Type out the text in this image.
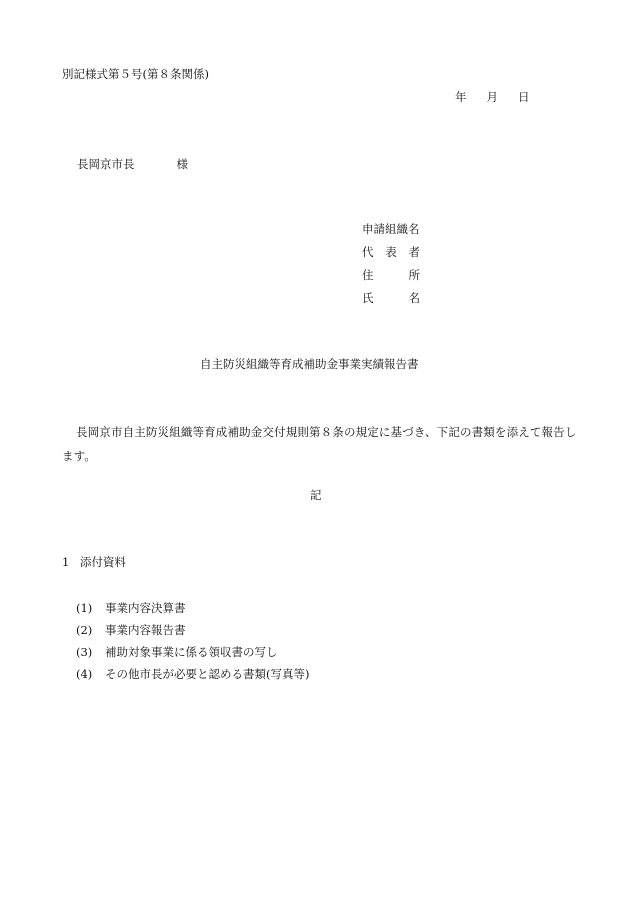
別記様式第５号(第８条関係)
年 月 日
長岡京市長	様
申請組織名
代 表 者
住	所
氏	名
自主防災組織等育成補助金事業実績報告書
長岡京市自主防災組織等育成補助金交付規則第８条の規定に基づき、下記の書類を添えて報告します。
記
1 添付資料
(1) 事業内容決算書
(2) 事業内容報告書
(3) 補助対象事業に係る領収書の写し
(4) その他市長が必要と認める書類(写真等)
